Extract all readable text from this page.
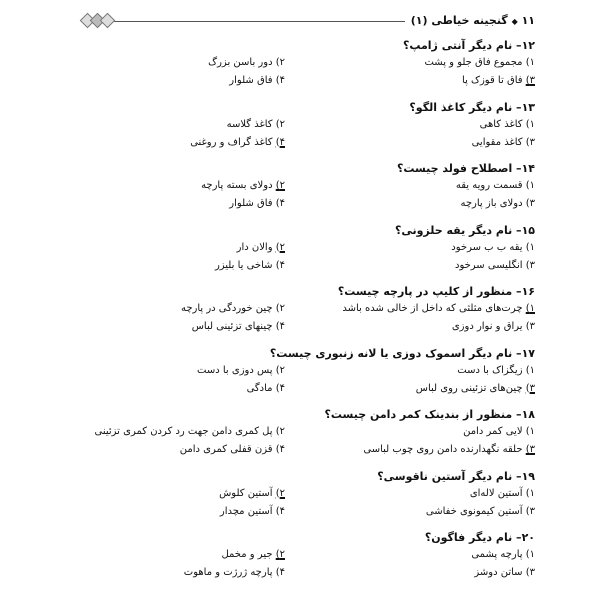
۱۱ ◆ گنجینه خیاطی (۱)
۱۲– نام دیگر آنتی ژامپ؟
۱) مجموع فاق جلو و پشت
۲) دور باسن بزرگ
۳) فاق تا قوزک پا
۴) فاق شلوار
۱۳– نام دیگر کاغذ الگو؟
۱) کاغذ کاهی
۲) کاغذ گلاسه
۳) کاغذ مقوایی
۴) کاغذ گراف و روغنی
۱۴– اصطلاح فولد چیست؟
۱) قسمت رویه یقه
۲) دولای بسته پارچه
۳) دولای باز پارچه
۴) فاق شلوار
۱۵– نام دیگر یقه حلزونی؟
۱) یقه ب ب سرخود
۲) والان دار
۳) انگلیسی سرخود
۴) شاخی یا بلیزر
۱۶– منظور از کلیپ در پارچه چیست؟
۱) چرت‌های مثلثی که داخل از خالی شده باشد
۲) چین خوردگی در پارچه
۳) یراق و نوار دوزی
۴) چینهای تزئینی لباس
۱۷– نام دیگر اسموک دوزی یا لانه زنبوری چیست؟
۱) زیگزاک با دست
۲) پس دوزی با دست
۳) چین‌های تزئینی روی لباس
۴) مادگی
۱۸– منظور از بندینک کمر دامن چیست؟
۱) لایی کمر دامن
۲) پل کمری دامن جهت رد کردن کمری تزئینی
۳) حلقه نگهدارنده دامن روی چوب لباسی
۴) قزن قفلی کمری دامن
۱۹– نام دیگر آستین ناقوسی؟
۱) آستین لاله‌ای
۲) آستین کلوش
۳) آستین کیمونوی خفاشی
۴) آستین مچدار
۲۰– نام دیگر فاگون؟
۱) پارچه پشمی
۲) جیر و مخمل
۳) ساتن دوشز
۴) پارچه ژرژت و ماهوت
